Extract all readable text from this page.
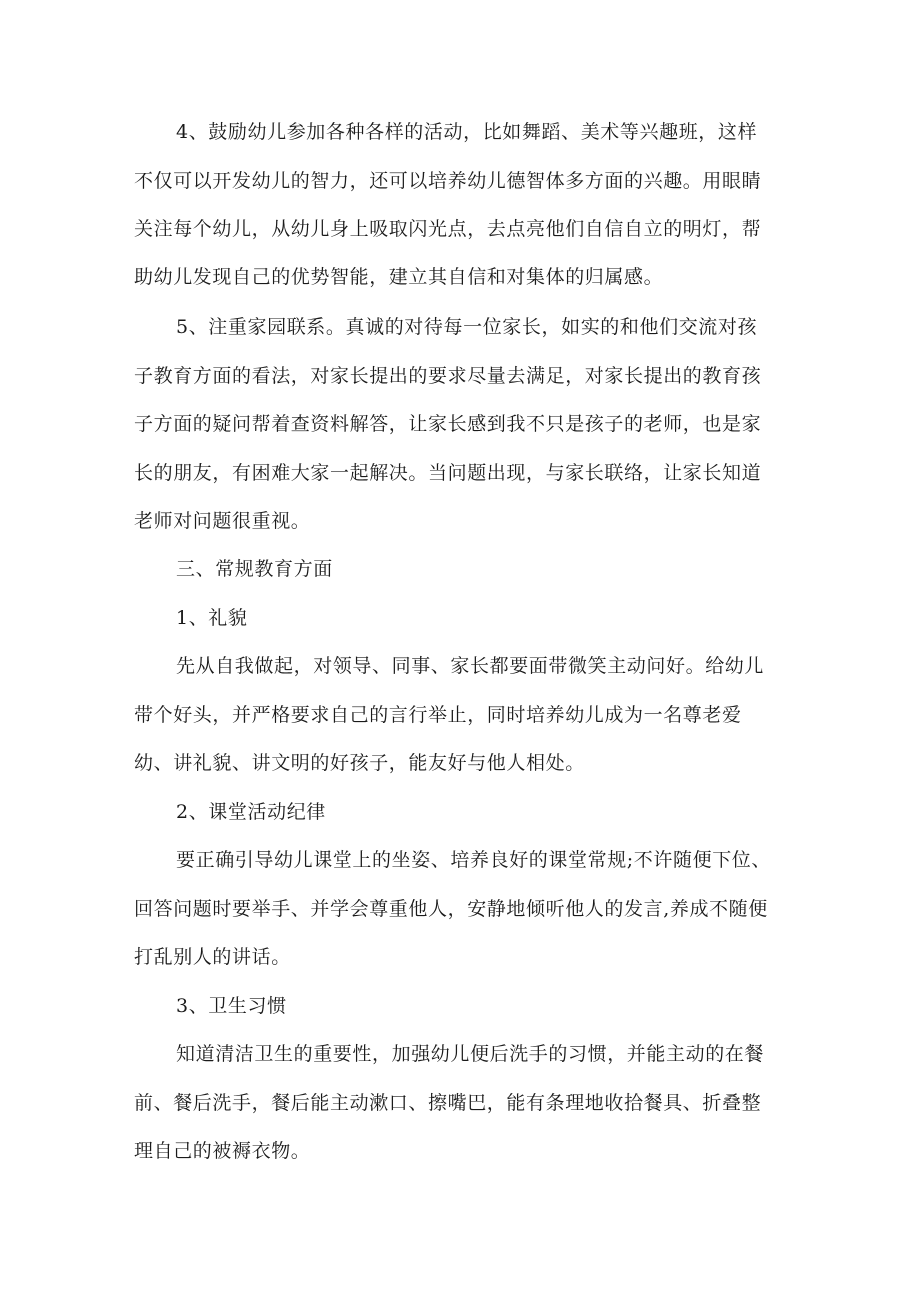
4、鼓励幼儿参加各种各样的活动，比如舞蹈、美术等兴趣班，这样
不仅可以开发幼儿的智力，还可以培养幼儿德智体多方面的兴趣。用眼睛
关注每个幼儿，从幼儿身上吸取闪光点，去点亮他们自信自立的明灯，帮
助幼儿发现自己的优势智能，建立其自信和对集体的归属感。
5、注重家园联系。真诚的对待每一位家长，如实的和他们交流对孩
子教育方面的看法，对家长提出的要求尽量去满足，对家长提出的教育孩
子方面的疑问帮着查资料解答，让家长感到我不只是孩子的老师，也是家
长的朋友，有困难大家一起解决。当问题出现，与家长联络，让家长知道
老师对问题很重视。
三、常规教育方面
1、礼貌
先从自我做起，对领导、同事、家长都要面带微笑主动问好。给幼儿
带个好头，并严格要求自己的言行举止，同时培养幼儿成为一名尊老爱
幼、讲礼貌、讲文明的好孩子，能友好与他人相处。
2、课堂活动纪律
要正确引导幼儿课堂上的坐姿、培养良好的课堂常规;不许随便下位、
回答问题时要举手、并学会尊重他人，安静地倾听他人的发言,养成不随便
打乱别人的讲话。
3、卫生习惯
知道清洁卫生的重要性，加强幼儿便后洗手的习惯，并能主动的在餐
前、餐后洗手，餐后能主动漱口、擦嘴巴，能有条理地收拾餐具、折叠整
理自己的被褥衣物。
